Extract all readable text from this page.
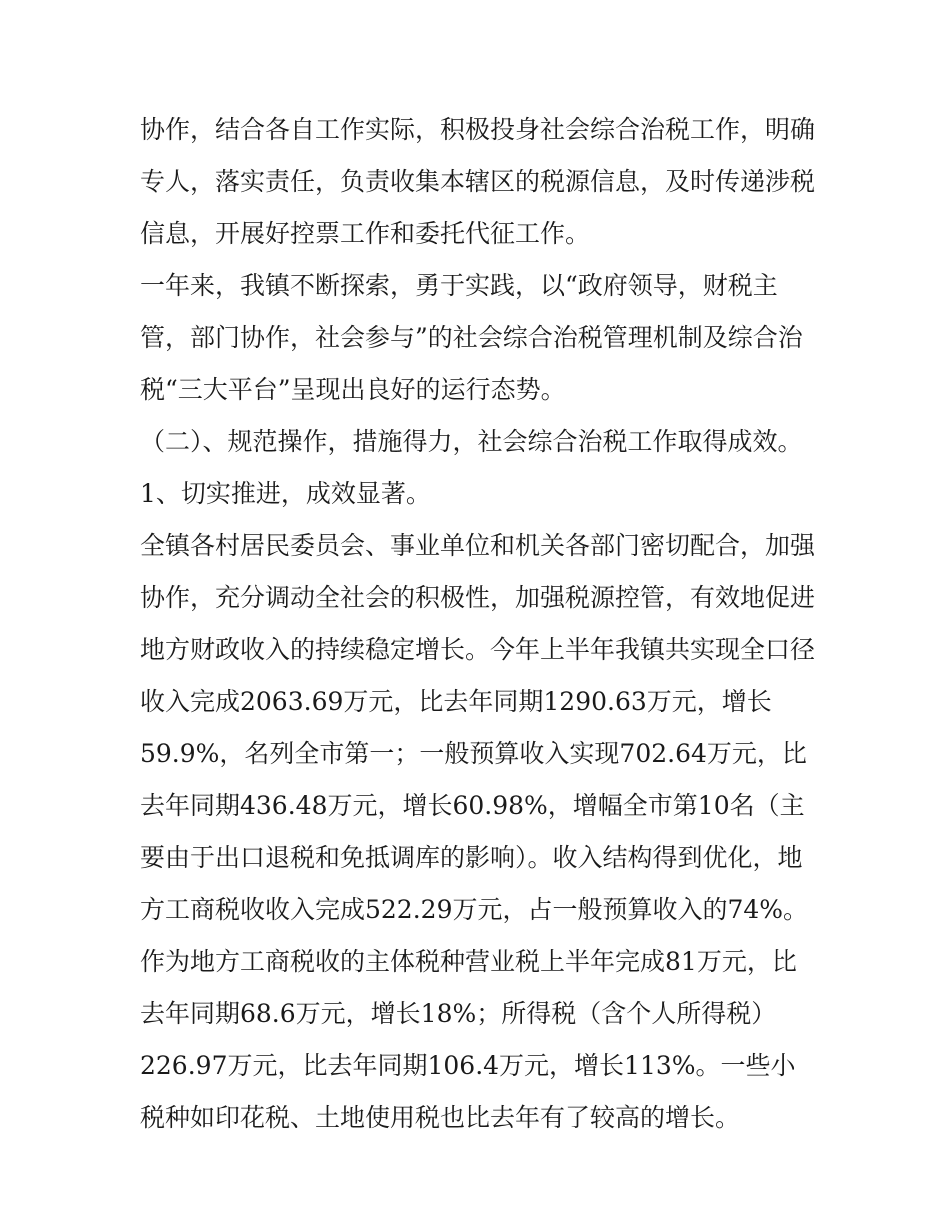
协作，结合各自工作实际，积极投身社会综合治税工作，明确专人，落实责任，负责收集本辖区的税源信息，及时传递涉税信息，开展好控票工作和委托代征工作。

一年来，我镇不断探索，勇于实践，以“政府领导，财税主管，部门协作，社会参与”的社会综合治税管理机制及综合治税“三大平台”呈现出良好的运行态势。

（二）、规范操作，措施得力，社会综合治税工作取得成效。

1、切实推进，成效显著。

全镇各村居民委员会、事业单位和机关各部门密切配合，加强协作，充分调动全社会的积极性，加强税源控管，有效地促进地方财政收入的持续稳定增长。今年上半年我镇共实现全口径收入完成2063.69万元，比去年同期1290.63万元，增长59.9%，名列全市第一；一般预算收入实现702.64万元，比去年同期436.48万元，增长60.98%，增幅全市第10名（主要由于出口退税和免抵调库的影响）。收入结构得到优化，地方工商税收收入完成522.29万元，占一般预算收入的74%。作为地方工商税收的主体税种营业税上半年完成81万元，比去年同期68.6万元，增长18%；所得税（含个人所得税）226.97万元，比去年同期106.4万元，增长113%。一些小税种如印花税、土地使用税也比去年有了较高的增长。
